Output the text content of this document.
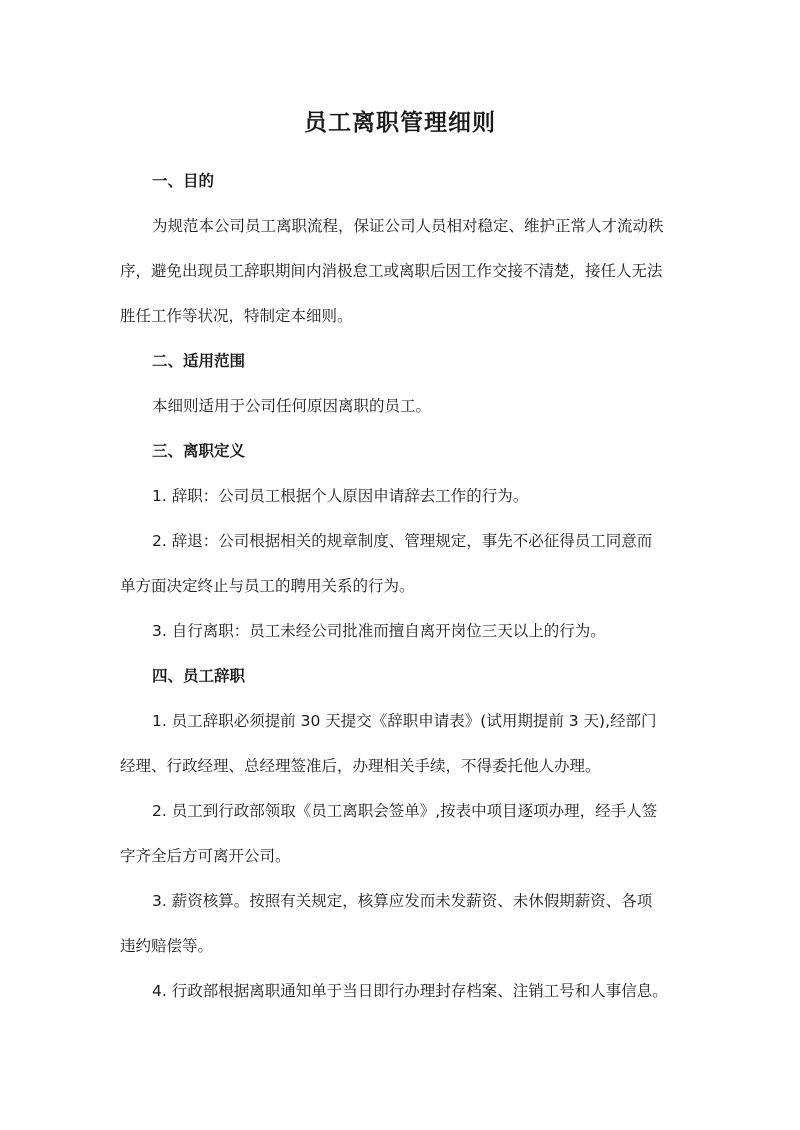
员工离职管理细则
一、目的
为规范本公司员工离职流程，保证公司人员相对稳定、维护正常人才流动秩
序，避免出现员工辞职期间内消极怠工或离职后因工作交接不清楚，接任人无法
胜任工作等状况，特制定本细则。
二、适用范围
本细则适用于公司任何原因离职的员工。
三、离职定义
1. 辞职：公司员工根据个人原因申请辞去工作的行为。
2. 辞退：公司根据相关的规章制度、管理规定，事先不必征得员工同意而
单方面决定终止与员工的聘用关系的行为。
3. 自行离职：员工未经公司批准而擅自离开岗位三天以上的行为。
四、员工辞职
1. 员工辞职必须提前 30 天提交《辞职申请表》(试用期提前 3 天),经部门
经理、行政经理、总经理签准后，办理相关手续，不得委托他人办理。
2. 员工到行政部领取《员工离职会签单》,按表中项目逐项办理，经手人签
字齐全后方可离开公司。
3. 薪资核算。按照有关规定，核算应发而未发薪资、未休假期薪资、各项
违约赔偿等。
4. 行政部根据离职通知单于当日即行办理封存档案、注销工号和人事信息。
